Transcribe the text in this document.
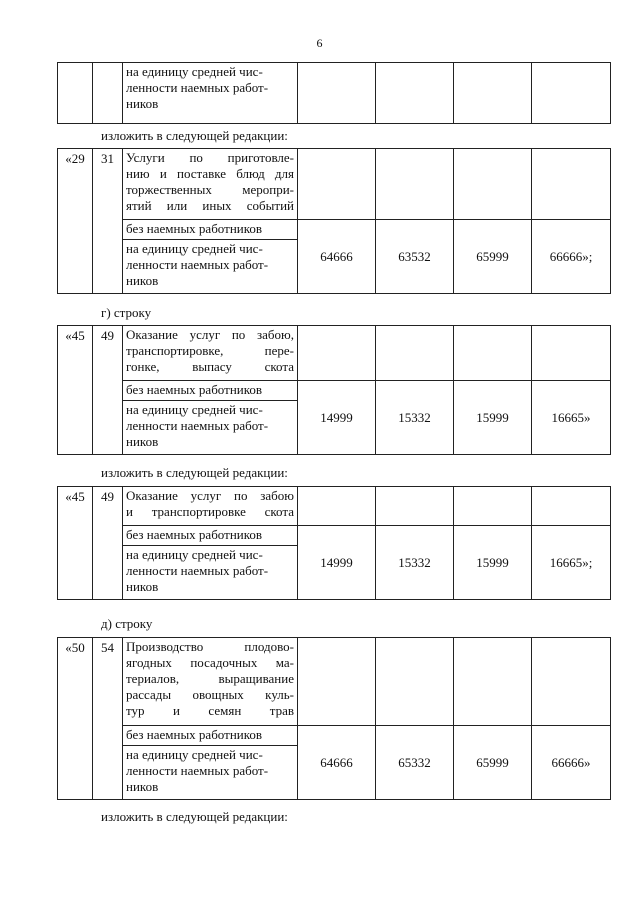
6

на единицу средней чис-
ленности наемных работ-
ников

изложить в следующей редакции:
«29	31	Услуги по приготовле-
нию и поставке блюд для
торжественных меропри-
ятий или иных событий				

		без наемных работников	64666	63532	65999	66666»;

		на единицу средней чис-
ленности наемных работ-
ников				
г) строку
«45	49	Оказание услуг по забою,
транспортировке, пере-
гонке, выпасу скота				

		без наемных работников	14999	15332	15999	16665»

		на единицу средней чис-
ленности наемных работ-
ников				
изложить в следующей редакции:
«45	49	Оказание услуг по забою
и транспортировке скота				

		без наемных работников	14999	15332	15999	16665»;

		на единицу средней чис-
ленности наемных работ-
ников				
д) строку
«50	54	Производство плодово-
ягодных посадочных ма-
териалов, выращивание
рассады овощных куль-
тур и семян трав				

		без наемных работников	64666	65332	65999	66666»

		на единицу средней чис-
ленности наемных работ-
ников				
изложить в следующей редакции:
